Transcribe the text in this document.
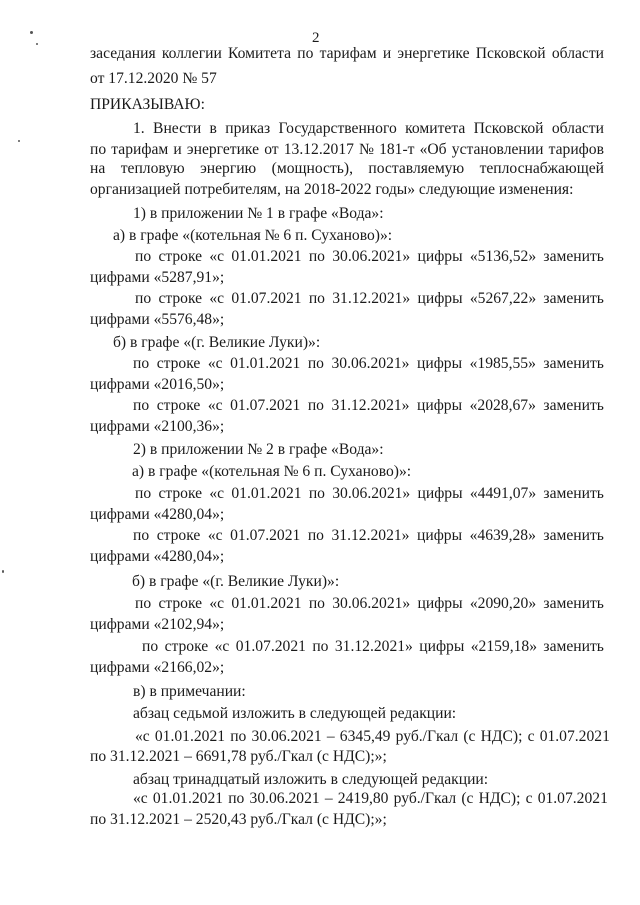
2
заседания коллегии Комитета по тарифам и энергетике Псковской области
от 17.12.2020 № 57
ПРИКАЗЫВАЮ:
1. Внести в приказ Государственного комитета Псковской области
по тарифам и энергетике от 13.12.2017 № 181-т «Об установлении тарифов
на тепловую энергию (мощность), поставляемую теплоснабжающей
организацией потребителям, на 2018-2022 годы» следующие изменения:
1) в приложении № 1 в графе «Вода»:
а) в графе «(котельная № 6 п. Суханово)»:
по строке «с 01.01.2021 по 30.06.2021» цифры «5136,52» заменить
цифрами «5287,91»;
по строке «с 01.07.2021 по 31.12.2021» цифры «5267,22» заменить
цифрами «5576,48»;
б) в графе «(г. Великие Луки)»:
по строке «с 01.01.2021 по 30.06.2021» цифры «1985,55» заменить
цифрами «2016,50»;
по строке «с 01.07.2021 по 31.12.2021» цифры «2028,67» заменить
цифрами «2100,36»;
2) в приложении № 2 в графе «Вода»:
а) в графе «(котельная № 6 п. Суханово)»:
по строке «с 01.01.2021 по 30.06.2021» цифры «4491,07» заменить
цифрами «4280,04»;
по строке «с 01.07.2021 по 31.12.2021» цифры «4639,28» заменить
цифрами «4280,04»;
б) в графе «(г. Великие Луки)»:
по строке «с 01.01.2021 по 30.06.2021» цифры «2090,20» заменить
цифрами «2102,94»;
по строке «с 01.07.2021 по 31.12.2021» цифры «2159,18» заменить
цифрами «2166,02»;
в) в примечании:
абзац седьмой изложить в следующей редакции:
«с 01.01.2021 по 30.06.2021 – 6345,49 руб./Гкал (с НДС); с 01.07.2021
по 31.12.2021 – 6691,78 руб./Гкал (с НДС);»;
абзац тринадцатый изложить в следующей редакции:
«с 01.01.2021 по 30.06.2021 – 2419,80 руб./Гкал (с НДС); с 01.07.2021
по 31.12.2021 – 2520,43 руб./Гкал (с НДС);»;
